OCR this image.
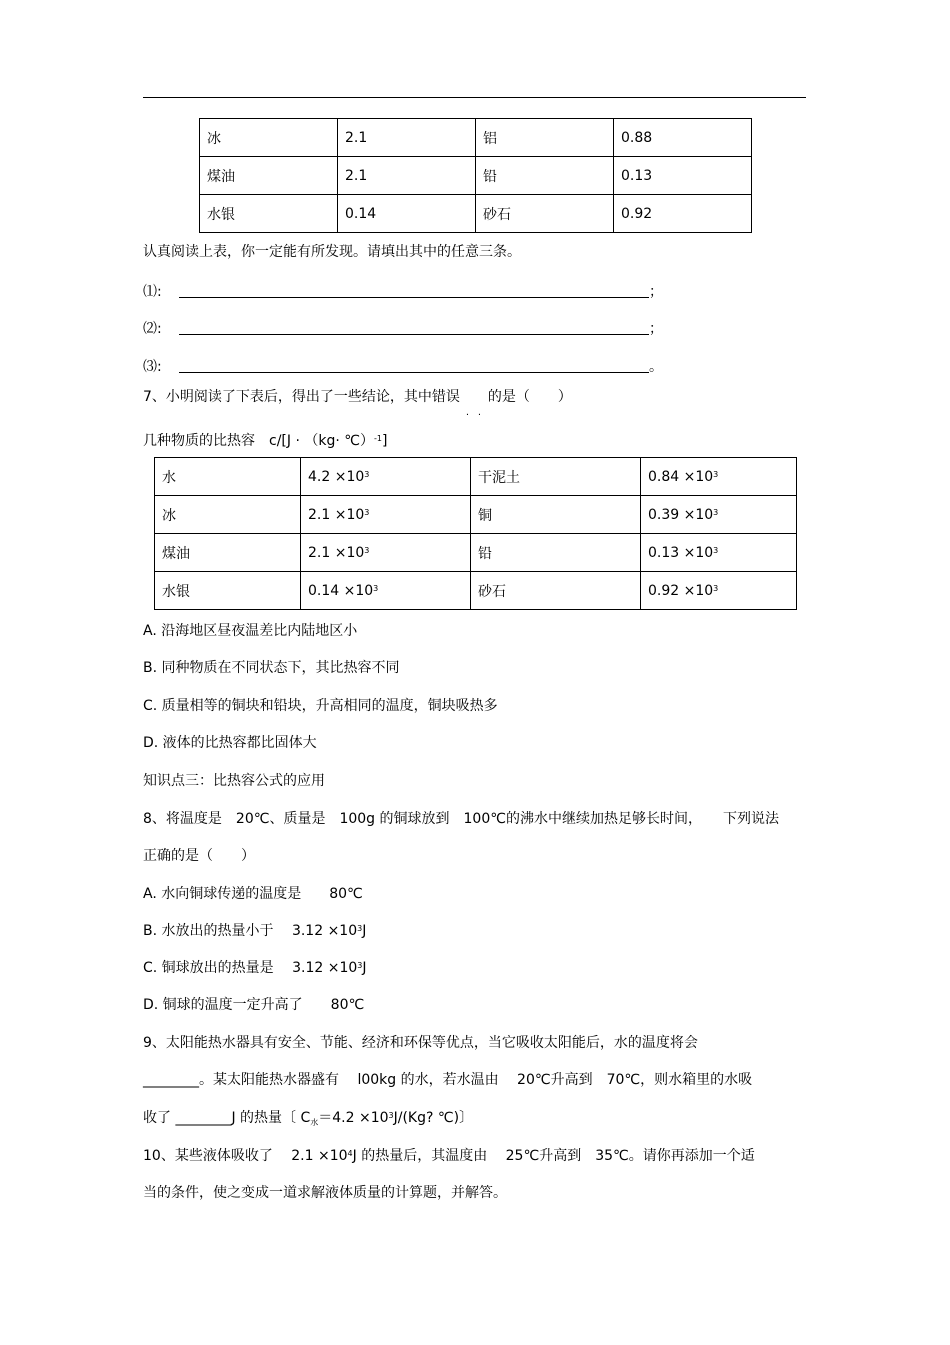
冰	2.1	铝	0.88
煤油	2.1	铅	0.13
水银	0.14	砂石	0.92
认真阅读上表，你一定能有所发现。请填出其中的任意三条。
⑴:	；
⑵:	；
⑶:	。
7、小明阅读了下表后，得出了一些结论，其中错误
. .
的是（　　）
几种物质的比热容　c/[J · （kg· ℃）$^{-1}$]
水	$4.2 \times 10^3$	干泥土	$0.84 \times 10^3$
冰	$2.1 \times 10^3$	铜	$0.39 \times 10^3$
煤油	$2.1 \times 10^3$	铅	$0.13 \times 10^3$
水银	$0.14 \times 10^3$	砂石	$0.92 \times 10^3$
A. 沿海地区昼夜温差比内陆地区小
B. 同种物质在不同状态下，其比热容不同
C. 质量相等的铜块和铅块，升高相同的温度，铜块吸热多
D. 液体的比热容都比固体大
知识点三：比热容公式的应用
8、将温度是　20℃、质量是　100g 的铜球放到　100℃的沸水中继续加热足够长时间，　　下列说法
正确的是（　　）
A. 水向铜球传递的温度是　　80℃
B. 水放出的热量小于　 $3.12 \times 10^3J$
C. 铜球放出的热量是　 $3.12 \times 10^3J$
D. 铜球的温度一定升高了　　80℃
9、太阳能热水器具有安全、节能、经济和环保等优点，当它吸收太阳能后，水的温度将会
________。某太阳能热水器盛有　 l00kg 的水，若水温由　 20℃升高到　70℃，则水箱里的水吸
收了 ________J 的热量〔 $C_水=4.2 \times 10^3J/(Kg$? ℃)〕
10、某些液体吸收了　 $2.1 \times 10^4J$ 的热量后，其温度由　 25℃升高到　35℃。请你再添加一个适
当的条件，使之变成一道求解液体质量的计算题，并解答。
